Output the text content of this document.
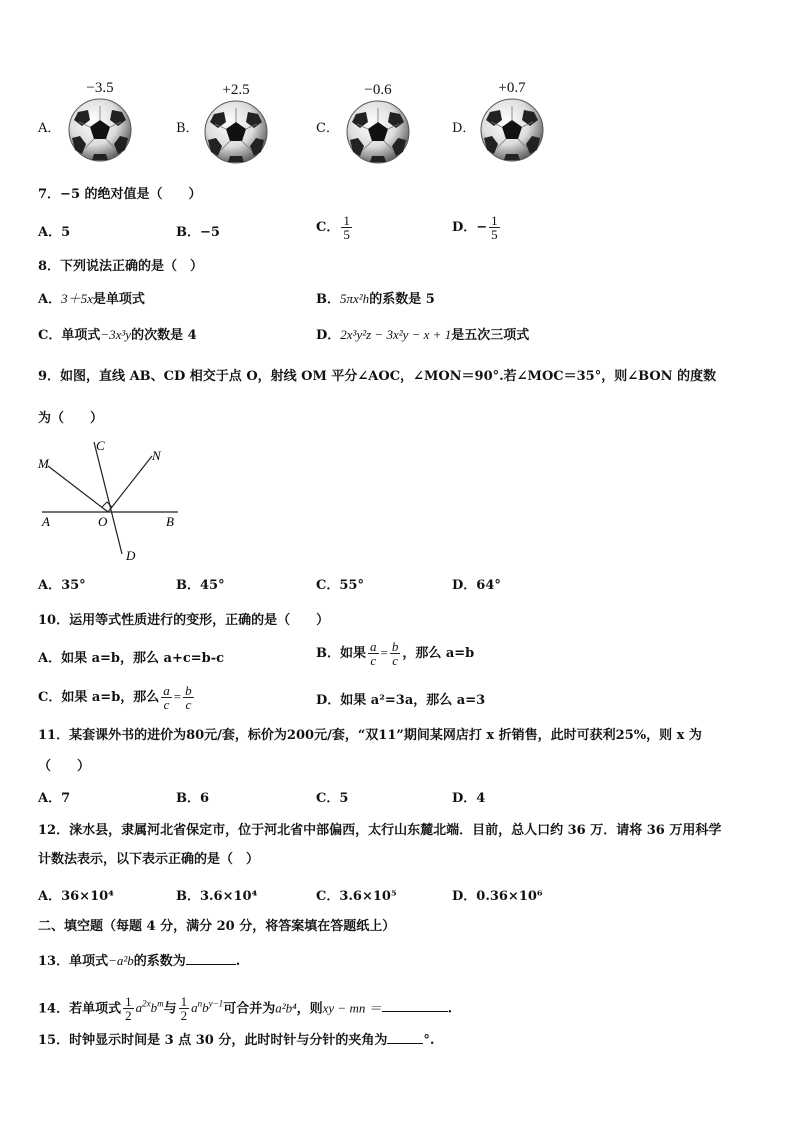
A．
−3.5
B．
+2.5
C．
−0.6
D．
+0.7
7．−5 的绝对值是（　　）
A．5	B．−5	C． $\frac{1}{5}$	D．− $\frac{1}{5}$
8．下列说法正确的是（　）
A．3＋5x是单项式	B．5πx²h的系数是 5
C．单项式−3x³y的次数是 4	D．2x³y²z − 3x²y − x + 1是五次三项式
9．如图，直线 AB、CD 相交于点 O，射线 OM 平分∠AOC，∠MON＝90°.若∠MOC＝35°，则∠BON 的度数
为（　　）
M
C
N
A	O	B
D
A．35°	B．45°	C．55°	D．64°
10．运用等式性质进行的变形，正确的是（　　）
A．如果 a=b，那么 a+c=b-c	B．如果 $\frac{a}{c} = \frac{b}{c}$ ，那么 a=b
C．如果 a=b，那么 $\frac{a}{c} = \frac{b}{c}$	D．如果 a²=3a，那么 a=3
11．某套课外书的进价为80元/套，标价为200元/套，“双11”期间某网店打 x 折销售，此时可获利25%，则 x 为
（　　）
A．7	B．6	C．5	D．4
12．涞水县，隶属河北省保定市，位于河北省中部偏西，太行山东麓北端．目前，总人口约 36 万．请将 36 万用科学
计数法表示，以下表示正确的是（　）
A．36×10⁴	B．3.6×10⁴	C．3.6×10⁵	D．0.36×10⁶
二、填空题（每题 4 分，满分 20 分，将答案填在答题纸上）
13．单项式−a²b的系数为	.
14．若单项式 $\frac{1}{2} a^{2x}b^m$与 $\frac{1}{2} a^nb^{y-1}$可合并为a²b⁴，则xy − mn ＝	.
15．时钟显示时间是 3 点 30 分，此时时针与分针的夹角为	°.
